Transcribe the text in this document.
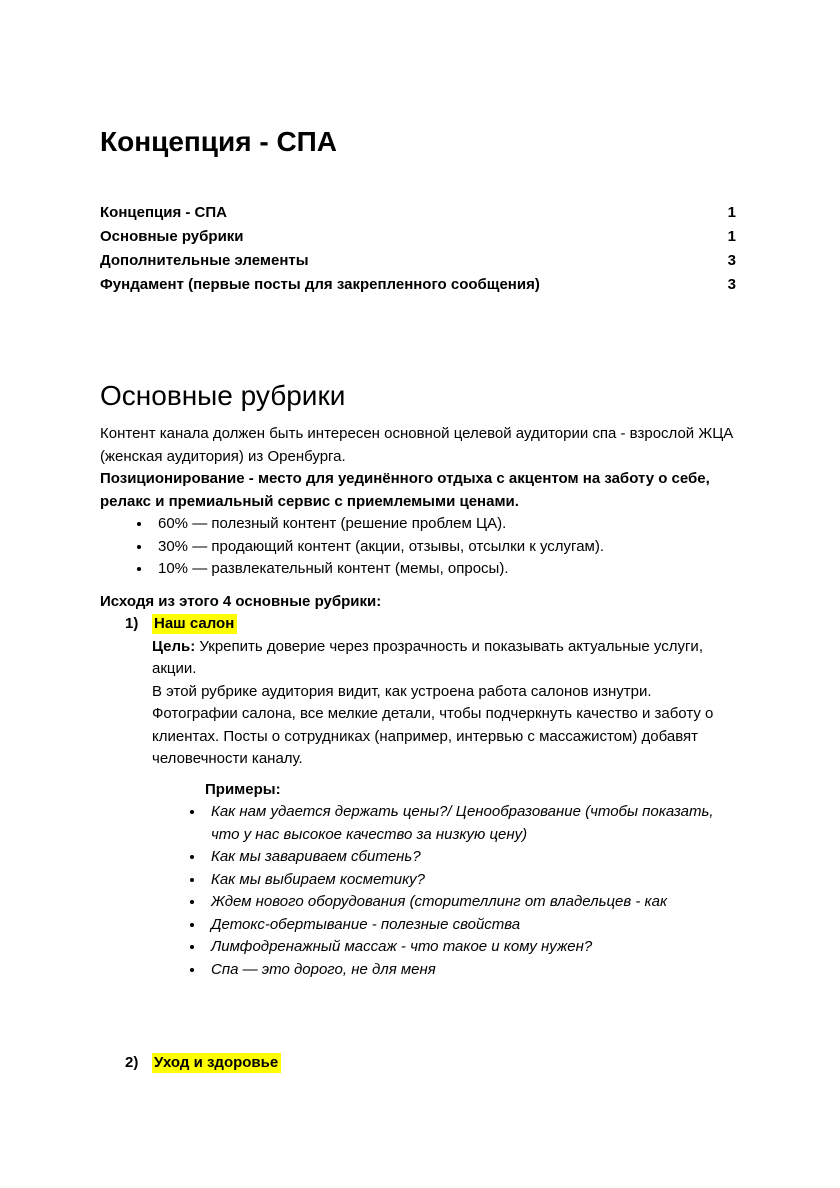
Концепция - СПА
Концепция - СПА	1
Основные рубрики	1
Дополнительные элементы	3
Фундамент (первые посты для закрепленного сообщения)	3
Основные рубрики

Контент канала должен быть интересен основной целевой аудитории спа - взрослой ЖЦА (женская аудитория) из Оренбурга.

Позиционирование - место для уединённого отдыха с акцентом на заботу о себе, релакс и премиальный сервис с приемлемыми ценами.

• 60% — полезный контент (решение проблем ЦА).
• 30% — продающий контент (акции, отзывы, отсылки к услугам).
• 10% — развлекательный контент (мемы, опросы).

Исходя из этого 4 основные рубрики:

1)	Наш салон

Цель: Укрепить доверие через прозрачность и показывать актуальные услуги, акции.

В этой рубрике аудитория видит, как устроена работа салонов изнутри.

Фотографии салона, все мелкие детали, чтобы подчеркнуть качество и заботу о клиентах. Посты о сотрудниках (например, интервью с массажистом) добавят человечности каналу.

Примеры:

• Как нам удается держать цены?/ Ценообразование (чтобы показать, что у нас высокое качество за низкую цену)
• Как мы завариваем сбитень?
• Как мы выбираем косметику?
• Ждем нового оборудования (сторителлинг от владельцев - как
• Детокс-обертывание - полезные свойства
• Лимфодренажный массаж - что такое и кому нужен?
• Спа — это дорого, не для меня
2)	Уход и здоровье
